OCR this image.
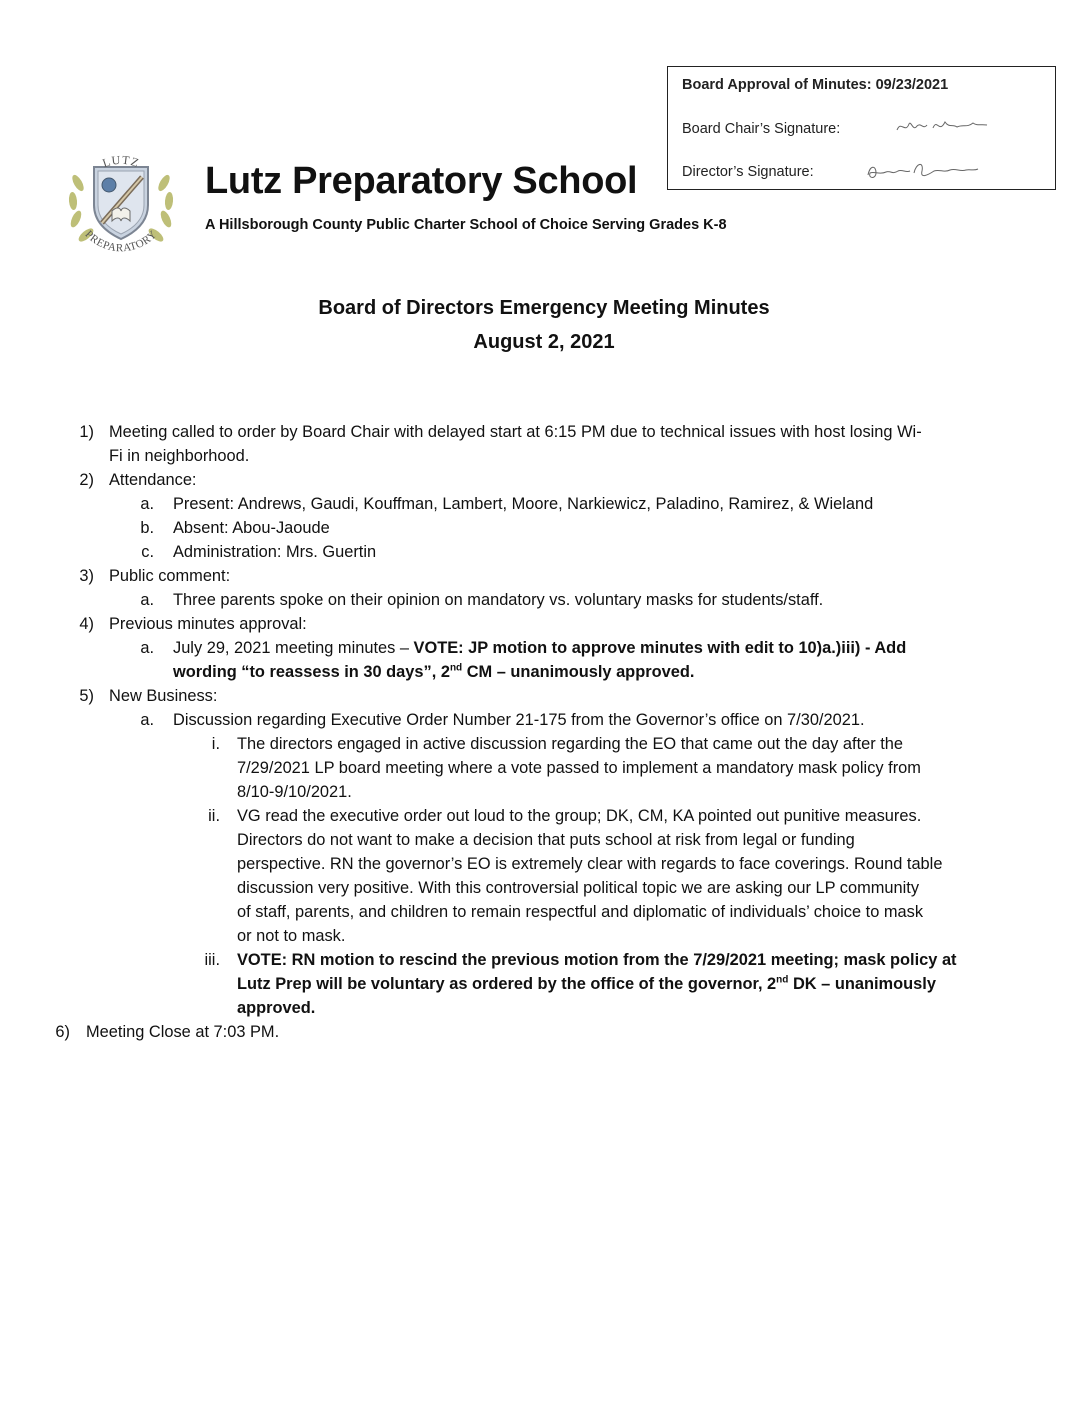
Board Approval of Minutes: 09/23/2021
Board Chair’s Signature:
Director’s Signature:
LUTZ
PREPARATORY
Lutz Preparatory School
A Hillsborough County Public Charter School of Choice Serving Grades K-8
Board of Directors Emergency Meeting Minutes
August 2, 2021
1) Meeting called to order by Board Chair with delayed start at 6:15 PM due to technical issues with host losing Wi-
Fi in neighborhood.
2) Attendance:
a. Present: Andrews, Gaudi, Kouffman, Lambert, Moore, Narkiewicz, Paladino, Ramirez, & Wieland
b. Absent: Abou-Jaoude
c. Administration: Mrs. Guertin
3) Public comment:
a. Three parents spoke on their opinion on mandatory vs. voluntary masks for students/staff.
4) Previous minutes approval:
a. July 29, 2021 meeting minutes – VOTE: JP motion to approve minutes with edit to 10)a.)iii) - Add
wording “to reassess in 30 days”, 2nd CM – unanimously approved.
5) New Business:
a. Discussion regarding Executive Order Number 21-175 from the Governor’s office on 7/30/2021.
i. The directors engaged in active discussion regarding the EO that came out the day after the
7/29/2021 LP board meeting where a vote passed to implement a mandatory mask policy from
8/10-9/10/2021.
ii. VG read the executive order out loud to the group; DK, CM, KA pointed out punitive measures.
Directors do not want to make a decision that puts school at risk from legal or funding
perspective. RN the governor’s EO is extremely clear with regards to face coverings. Round table
discussion very positive. With this controversial political topic we are asking our LP community
of staff, parents, and children to remain respectful and diplomatic of individuals’ choice to mask
or not to mask.
iii. VOTE: RN motion to rescind the previous motion from the 7/29/2021 meeting; mask policy at
Lutz Prep will be voluntary as ordered by the office of the governor, 2nd DK – unanimously
approved.
6) Meeting Close at 7:03 PM.
